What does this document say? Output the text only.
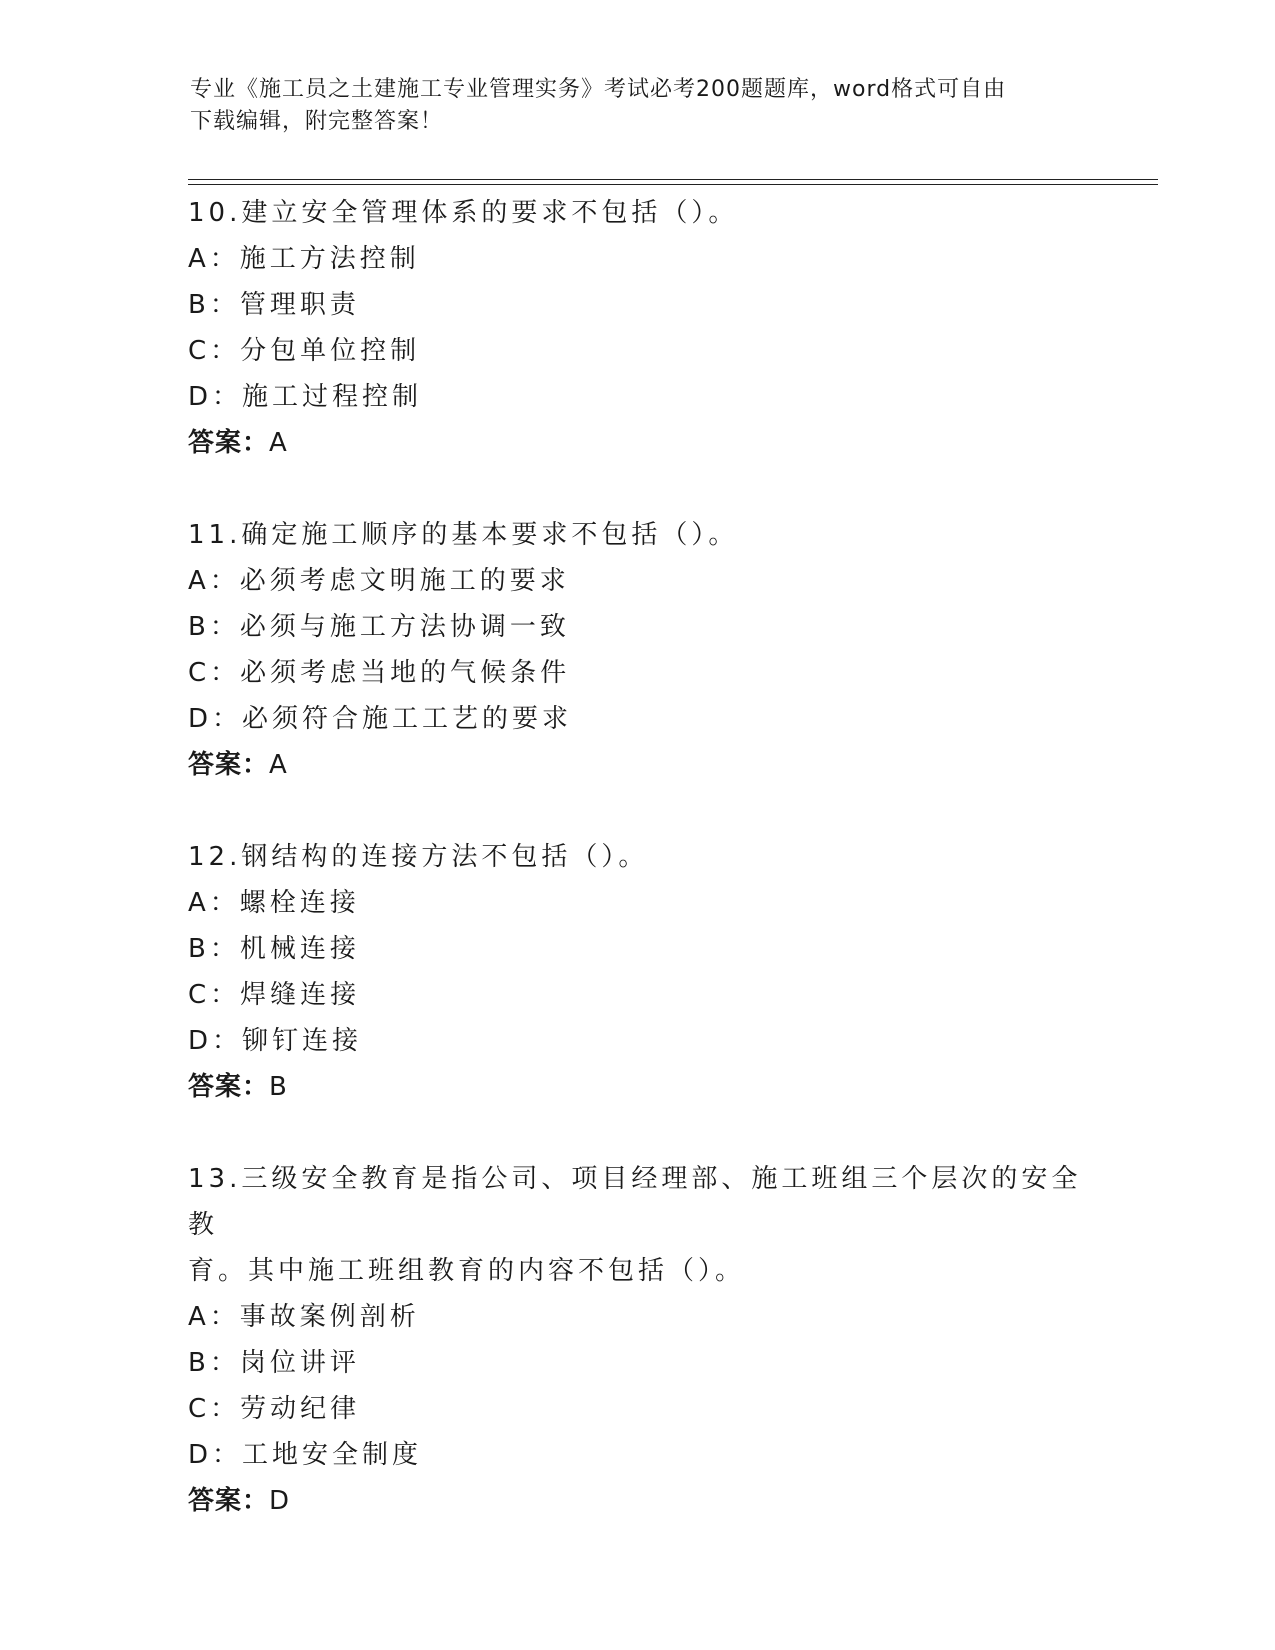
专业《施工员之土建施工专业管理实务》考试必考200题题库，word格式可自由
下载编辑，附完整答案！
10.建立安全管理体系的要求不包括（）。
A：施工方法控制
B：管理职责
C：分包单位控制
D：施工过程控制
答案：A
11.确定施工顺序的基本要求不包括（）。
A：必须考虑文明施工的要求
B：必须与施工方法协调一致
C：必须考虑当地的气候条件
D：必须符合施工工艺的要求
答案：A
12.钢结构的连接方法不包括（）。
A：螺栓连接
B：机械连接
C：焊缝连接
D：铆钉连接
答案：B
13.三级安全教育是指公司、项目经理部、施工班组三个层次的安全教
育。其中施工班组教育的内容不包括（）。
A：事故案例剖析
B：岗位讲评
C：劳动纪律
D：工地安全制度
答案：D
